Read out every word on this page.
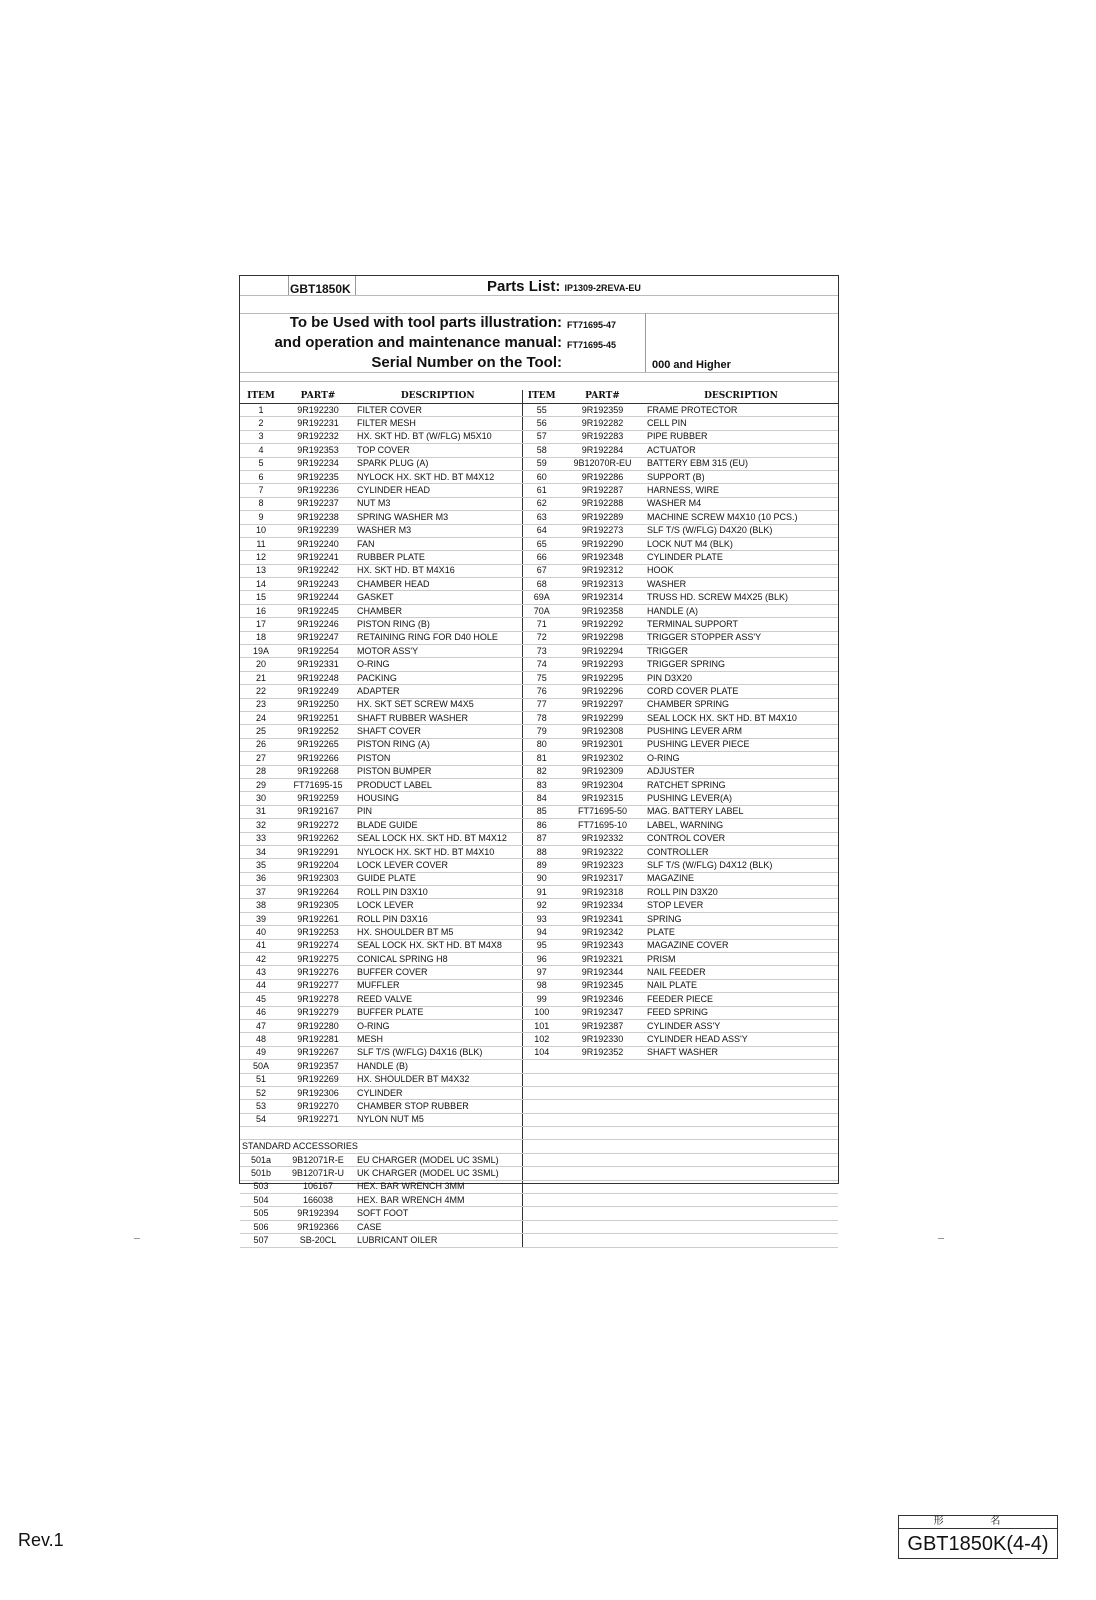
GBT1850K	Parts List: IP1309-2REVA-EU
To be Used with tool parts illustration: FT71695-47
and operation and maintenance manual: FT71695-45
Serial Number on the Tool:	000 and Higher
ITEM	PART#	DESCRIPTION	ITEM	PART#	DESCRIPTION
1	9R192230	FILTER COVER	55	9R192359	FRAME PROTECTOR
2	9R192231	FILTER MESH	56	9R192282	CELL PIN
3	9R192232	HX. SKT HD. BT (W/FLG) M5X10	57	9R192283	PIPE RUBBER
4	9R192353	TOP COVER	58	9R192284	ACTUATOR
5	9R192234	SPARK PLUG (A)	59	9B12070R-EU	BATTERY EBM 315 (EU)
6	9R192235	NYLOCK HX. SKT HD. BT M4X12	60	9R192286	SUPPORT (B)
7	9R192236	CYLINDER HEAD	61	9R192287	HARNESS, WIRE
8	9R192237	NUT M3	62	9R192288	WASHER M4
9	9R192238	SPRING WASHER M3	63	9R192289	MACHINE SCREW M4X10 (10 PCS.)
10	9R192239	WASHER M3	64	9R192273	SLF T/S (W/FLG) D4X20 (BLK)
11	9R192240	FAN	65	9R192290	LOCK NUT M4 (BLK)
12	9R192241	RUBBER PLATE	66	9R192348	CYLINDER PLATE
13	9R192242	HX. SKT HD. BT M4X16	67	9R192312	HOOK
14	9R192243	CHAMBER HEAD	68	9R192313	WASHER
15	9R192244	GASKET	69A	9R192314	TRUSS HD. SCREW M4X25 (BLK)
16	9R192245	CHAMBER	70A	9R192358	HANDLE (A)
17	9R192246	PISTON RING (B)	71	9R192292	TERMINAL SUPPORT
18	9R192247	RETAINING RING FOR D40 HOLE	72	9R192298	TRIGGER STOPPER ASS'Y
19A	9R192254	MOTOR ASS'Y	73	9R192294	TRIGGER
20	9R192331	O-RING	74	9R192293	TRIGGER SPRING
21	9R192248	PACKING	75	9R192295	PIN D3X20
22	9R192249	ADAPTER	76	9R192296	CORD COVER PLATE
23	9R192250	HX. SKT SET SCREW M4X5	77	9R192297	CHAMBER SPRING
24	9R192251	SHAFT RUBBER WASHER	78	9R192299	SEAL LOCK HX. SKT HD. BT M4X10
25	9R192252	SHAFT COVER	79	9R192308	PUSHING LEVER ARM
26	9R192265	PISTON RING (A)	80	9R192301	PUSHING LEVER PIECE
27	9R192266	PISTON	81	9R192302	O-RING
28	9R192268	PISTON BUMPER	82	9R192309	ADJUSTER
29	FT71695-15	PRODUCT LABEL	83	9R192304	RATCHET SPRING
30	9R192259	HOUSING	84	9R192315	PUSHING LEVER(A)
31	9R192167	PIN	85	FT71695-50	MAG. BATTERY LABEL
32	9R192272	BLADE GUIDE	86	FT71695-10	LABEL, WARNING
33	9R192262	SEAL LOCK HX. SKT HD. BT M4X12	87	9R192332	CONTROL COVER
34	9R192291	NYLOCK HX. SKT HD. BT M4X10	88	9R192322	CONTROLLER
35	9R192204	LOCK LEVER COVER	89	9R192323	SLF T/S (W/FLG) D4X12 (BLK)
36	9R192303	GUIDE PLATE	90	9R192317	MAGAZINE
37	9R192264	ROLL PIN D3X10	91	9R192318	ROLL PIN D3X20
38	9R192305	LOCK LEVER	92	9R192334	STOP LEVER
39	9R192261	ROLL PIN D3X16	93	9R192341	SPRING
40	9R192253	HX. SHOULDER BT M5	94	9R192342	PLATE
41	9R192274	SEAL LOCK HX. SKT HD. BT M4X8	95	9R192343	MAGAZINE COVER
42	9R192275	CONICAL SPRING H8	96	9R192321	PRISM
43	9R192276	BUFFER COVER	97	9R192344	NAIL FEEDER
44	9R192277	MUFFLER	98	9R192345	NAIL PLATE
45	9R192278	REED VALVE	99	9R192346	FEEDER PIECE
46	9R192279	BUFFER PLATE	100	9R192347	FEED SPRING
47	9R192280	O-RING	101	9R192387	CYLINDER ASS'Y
48	9R192281	MESH	102	9R192330	CYLINDER HEAD ASS'Y
49	9R192267	SLF T/S (W/FLG) D4X16 (BLK)	104	9R192352	SHAFT WASHER
50A	9R192357	HANDLE (B)			
51	9R192269	HX. SHOULDER BT M4X32			
52	9R192306	CYLINDER			
53	9R192270	CHAMBER STOP RUBBER			
54	9R192271	NYLON NUT M5			

STANDARD ACCESSORIES					
501a	9B12071R-E	EU CHARGER (MODEL UC 3SML)			
501b	9B12071R-U	UK CHARGER (MODEL UC 3SML)			
503	106167	HEX. BAR WRENCH 3MM			
504	166038	HEX. BAR WRENCH 4MM			
505	9R192394	SOFT FOOT			
506	9R192366	CASE			
507	SB-20CL	LUBRICANT OILER			
Rev.1
形 名
GBT1850K(4-4)
